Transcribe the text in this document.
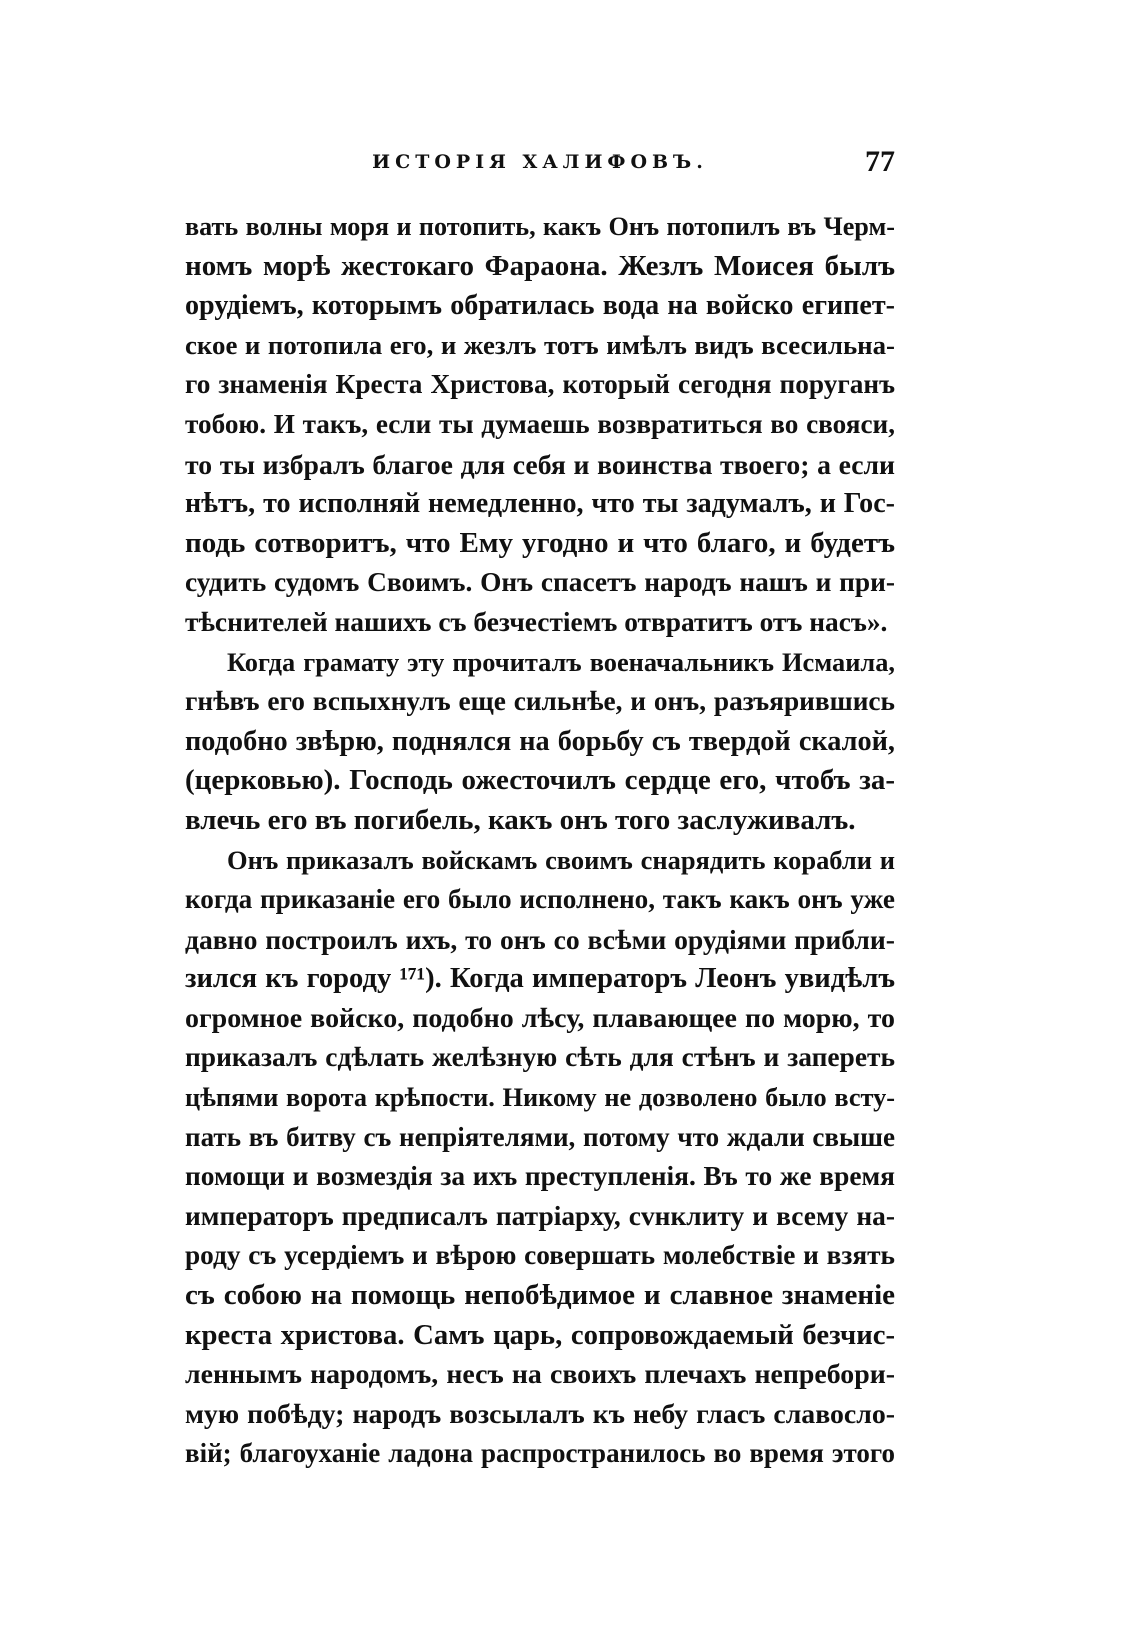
ИСТОРІЯ ХАЛИФОВЪ.	77
вать волны моря и потопить, какъ Онъ потопилъ въ Черм-
номъ морѣ жестокаго Фараона. Жезлъ Моисея былъ
орудіемъ, которымъ обратилась вода на войско египет-
ское и потопила его, и жезлъ тотъ имѣлъ видъ всесильна-
го знаменія Креста Христова, который сегодня поруганъ
тобою. И такъ, если ты думаешь возвратиться во свояси,
то ты избралъ благое для себя и воинства твоего; а если
нѣтъ, то исполняй немедленно, что ты задумалъ, и Гос-
подь сотворитъ, что Ему угодно и что благо, и будетъ
судить судомъ Своимъ. Онъ спасетъ народъ нашъ и при-
тѣснителей нашихъ съ безчестіемъ отвратитъ отъ насъ».
Когда грамату эту прочиталъ военачальникъ Исмаила,
гнѣвъ его вспыхнулъ еще сильнѣе, и онъ, разъярившись
подобно звѣрю, поднялся на борьбу съ твердой скалой,
(церковью). Господь ожесточилъ сердце его, чтобъ за-
влечь его въ погибель, какъ онъ того заслуживалъ.
Онъ приказалъ войскамъ своимъ снарядить корабли и
когда приказаніе его было исполнено, такъ какъ онъ уже
давно построилъ ихъ, то онъ со всѣми орудіями прибли-
зился къ городу ¹⁷¹). Когда императоръ Леонъ увидѣлъ
огромное войско, подобно лѣсу, плавающее по морю, то
приказалъ сдѣлать желѣзную сѣть для стѣнъ и запереть
цѣпями ворота крѣпости. Никому не дозволено было всту-
пать въ битву съ непріятелями, потому что ждали свыше
помощи и возмездія за ихъ преступленія. Въ то же время
императоръ предписалъ патріарху, сvнклиту и всему на-
роду съ усердіемъ и вѣрою совершать молебствіе и взять
съ собою на помощь непобѣдимое и славное знаменіе
креста христова. Самъ царь, сопровождаемый безчис-
леннымъ народомъ, несъ на своихъ плечахъ непребори-
мую побѣду; народъ возсылалъ къ небу гласъ славосло-
вій; благоуханіе ладона распространилось во время этого
